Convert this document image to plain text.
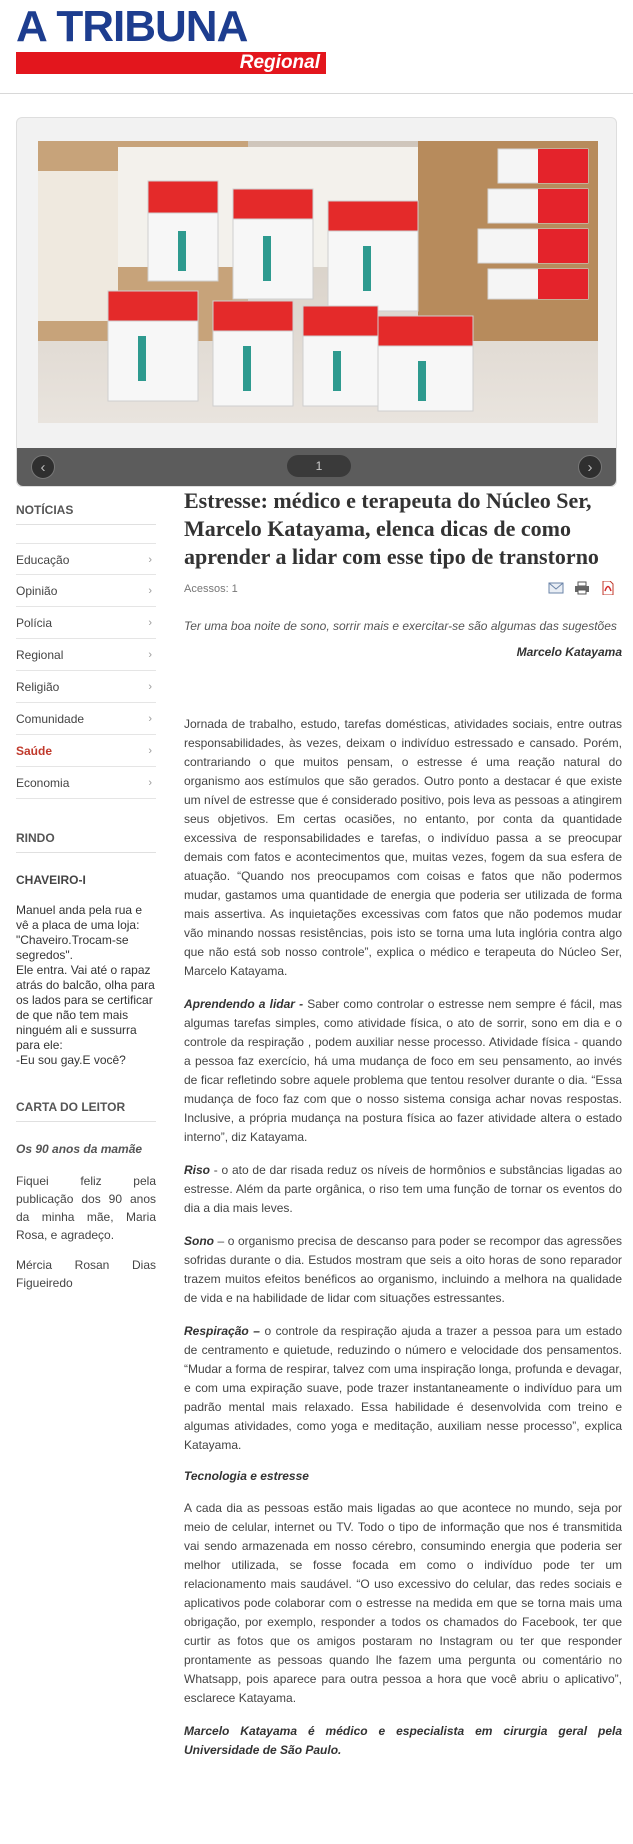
A TRIBUNA
Regional
‹	1	›
NOTÍCIAS
Educação	›
Opinião	›
Polícia	›
Regional	›
Religião	›
Comunidade	›
Saúde	›
Economia	›
RINDO
CHAVEIRO-I
Manuel anda pela rua e vê a placa de uma loja: "Chaveiro.Trocam-se segredos".
Ele entra. Vai até o rapaz atrás do balcão, olha para os lados para se certificar de que não tem mais ninguém ali e sussurra para ele:
-Eu sou gay.E você?
CARTA DO LEITOR
Os 90 anos da mamãe
Fiquei feliz pela publicação dos 90 anos da minha mãe, Maria Rosa, e agradeço.
Mércia Rosan Dias Figueiredo
Estresse: médico e terapeuta do Núcleo Ser, Marcelo Katayama, elenca dicas de como aprender a lidar com esse tipo de transtorno
Acessos: 1

Ter uma boa noite de sono, sorrir mais e exercitar-se são algumas das sugestões

Marcelo Katayama

Jornada de trabalho, estudo, tarefas domésticas, atividades sociais, entre outras responsabilidades, às vezes, deixam o indivíduo estressado e cansado. Porém, contrariando o que muitos pensam, o estresse é uma reação natural do organismo aos estímulos que são gerados. Outro ponto a destacar é que existe um nível de estresse que é considerado positivo, pois leva as pessoas a atingirem seus objetivos. Em certas ocasiões, no entanto, por conta da quantidade excessiva de responsabilidades e tarefas, o indivíduo passa a se preocupar demais com fatos e acontecimentos que, muitas vezes, fogem da sua esfera de atuação. “Quando nos preocupamos com coisas e fatos que não podermos mudar, gastamos uma quantidade de energia que poderia ser utilizada de forma mais assertiva. As inquietações excessivas com fatos que não podemos mudar vão minando nossas resistências, pois isto se torna uma luta inglória contra algo que não está sob nosso controle”, explica o médico e terapeuta do Núcleo Ser, Marcelo Katayama.

Aprendendo a lidar - Saber como controlar o estresse nem sempre é fácil, mas algumas tarefas simples, como atividade física, o ato de sorrir, sono em dia e o controle da respiração , podem auxiliar nesse processo. Atividade física - quando a pessoa faz exercício, há uma mudança de foco em seu pensamento, ao invés de ficar refletindo sobre aquele problema que tentou resolver durante o dia. “Essa mudança de foco faz com que o nosso sistema consiga achar novas respostas. Inclusive, a própria mudança na postura física ao fazer atividade altera o estado interno”, diz Katayama.

Riso - o ato de dar risada reduz os níveis de hormônios e substâncias ligadas ao estresse. Além da parte orgânica, o riso tem uma função de tornar os eventos do dia a dia mais leves.

Sono – o organismo precisa de descanso para poder se recompor das agressões sofridas durante o dia. Estudos mostram que seis a oito horas de sono reparador trazem muitos efeitos benéficos ao organismo, incluindo a melhora na qualidade de vida e na habilidade de lidar com situações estressantes.

Respiração – o controle da respiração ajuda a trazer a pessoa para um estado de centramento e quietude, reduzindo o número e velocidade dos pensamentos. “Mudar a forma de respirar, talvez com uma inspiração longa, profunda e devagar, e com uma expiração suave, pode trazer instantaneamente o indivíduo para um padrão mental mais relaxado. Essa habilidade é desenvolvida com treino e algumas atividades, como yoga e meditação, auxiliam nesse processo”, explica Katayama.

Tecnologia e estresse

A cada dia as pessoas estão mais ligadas ao que acontece no mundo, seja por meio de celular, internet ou TV. Todo o tipo de informação que nos é transmitida vai sendo armazenada em nosso cérebro, consumindo energia que poderia ser melhor utilizada, se fosse focada em como o indivíduo pode ter um relacionamento mais saudável. “O uso excessivo do celular, das redes sociais e aplicativos pode colaborar com o estresse na medida em que se torna mais uma obrigação, por exemplo, responder a todos os chamados do Facebook, ter que curtir as fotos que os amigos postaram no Instagram ou ter que responder prontamente as pessoas quando lhe fazem uma pergunta ou comentário no Whatsapp, pois aparece para outra pessoa a hora que você abriu o aplicativo”, esclarece Katayama.

Marcelo Katayama é médico e especialista em cirurgia geral pela Universidade de São Paulo.
